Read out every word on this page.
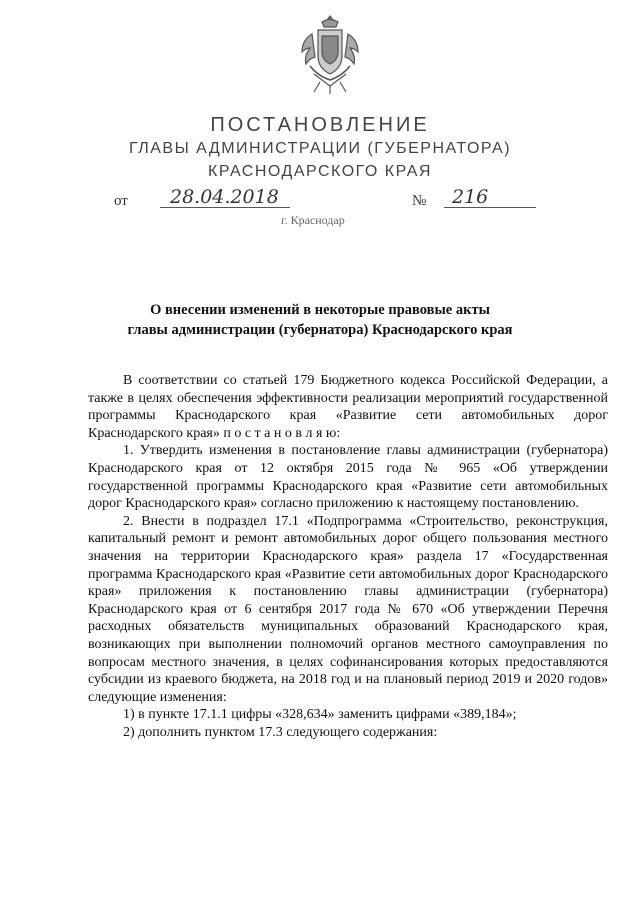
ПОСТАНОВЛЕНИЕ
ГЛАВЫ АДМИНИСТРАЦИИ (ГУБЕРНАТОРА)
КРАСНОДАРСКОГО КРАЯ
от	28.04.2018	№	216
г. Краснодар
О внесении изменений в некоторые правовые акты
главы администрации (губернатора) Краснодарского края

В соответствии со статьей 179 Бюджетного кодекса Российской Федерации, а также в целях обеспечения эффективности реализации мероприятий государственной программы Краснодарского края «Развитие сети автомобильных дорог Краснодарского края» п о с т а н о в л я ю:

1. Утвердить изменения в постановление главы администрации (губернатора) Краснодарского края от 12 октября 2015 года № 965 «Об утверждении государственной программы Краснодарского края «Развитие сети автомобильных дорог Краснодарского края» согласно приложению к настоящему постановлению.

2. Внести в подраздел 17.1 «Подпрограмма «Строительство, реконструкция, капитальный ремонт и ремонт автомобильных дорог общего пользования местного значения на территории Краснодарского края» раздела 17 «Государственная программа Краснодарского края «Развитие сети автомобильных дорог Краснодарского края» приложения к постановлению главы администрации (губернатора) Краснодарского края от 6 сентября 2017 года № 670 «Об утверждении Перечня расходных обязательств муниципальных образований Краснодарского края, возникающих при выполнении полномочий органов местного самоуправления по вопросам местного значения, в целях софинансирования которых предоставляются субсидии из краевого бюджета, на 2018 год и на плановый период 2019 и 2020 годов» следующие изменения:

1) в пункте 17.1.1 цифры «328,634» заменить цифрами «389,184»;

2) дополнить пунктом 17.3 следующего содержания:
